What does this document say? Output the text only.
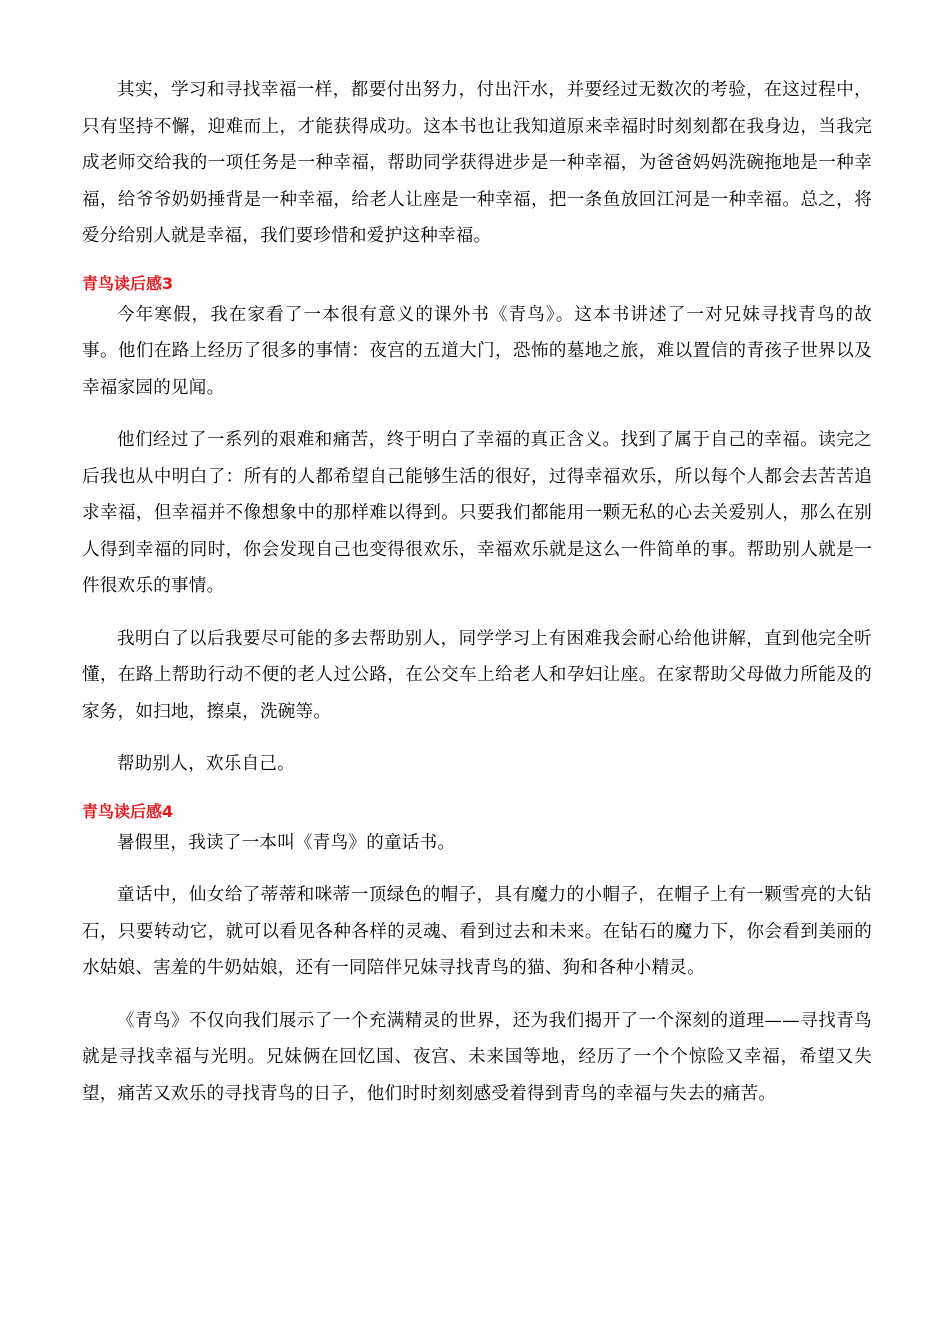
其实，学习和寻找幸福一样，都要付出努力，付出汗水，并要经过无数次的考验，在这过程中，只有坚持不懈，迎难而上，才能获得成功。这本书也让我知道原来幸福时时刻刻都在我身边，当我完成老师交给我的一项任务是一种幸福，帮助同学获得进步是一种幸福，为爸爸妈妈洗碗拖地是一种幸福，给爷爷奶奶捶背是一种幸福，给老人让座是一种幸福，把一条鱼放回江河是一种幸福。总之，将爱分给别人就是幸福，我们要珍惜和爱护这种幸福。

青鸟读后感3

今年寒假，我在家看了一本很有意义的课外书《青鸟》。这本书讲述了一对兄妹寻找青鸟的故事。他们在路上经历了很多的事情：夜宫的五道大门，恐怖的墓地之旅，难以置信的青孩子世界以及幸福家园的见闻。

他们经过了一系列的艰难和痛苦，终于明白了幸福的真正含义。找到了属于自己的幸福。读完之后我也从中明白了：所有的人都希望自己能够生活的很好，过得幸福欢乐，所以每个人都会去苦苦追求幸福，但幸福并不像想象中的那样难以得到。只要我们都能用一颗无私的心去关爱别人，那么在别人得到幸福的同时，你会发现自己也变得很欢乐，幸福欢乐就是这么一件简单的事。帮助别人就是一件很欢乐的事情。

我明白了以后我要尽可能的多去帮助别人，同学学习上有困难我会耐心给他讲解，直到他完全听懂，在路上帮助行动不便的老人过公路，在公交车上给老人和孕妇让座。在家帮助父母做力所能及的家务，如扫地，擦桌，洗碗等。

帮助别人，欢乐自己。

青鸟读后感4

暑假里，我读了一本叫《青鸟》的童话书。

童话中，仙女给了蒂蒂和咪蒂一顶绿色的帽子，具有魔力的小帽子，在帽子上有一颗雪亮的大钻石，只要转动它，就可以看见各种各样的灵魂、看到过去和未来。在钻石的魔力下，你会看到美丽的水姑娘、害羞的牛奶姑娘，还有一同陪伴兄妹寻找青鸟的猫、狗和各种小精灵。

《青鸟》不仅向我们展示了一个充满精灵的世界，还为我们揭开了一个深刻的道理——寻找青鸟就是寻找幸福与光明。兄妹俩在回忆国、夜宫、未来国等地，经历了一个个惊险又幸福，希望又失望，痛苦又欢乐的寻找青鸟的日子，他们时时刻刻感受着得到青鸟的幸福与失去的痛苦。
